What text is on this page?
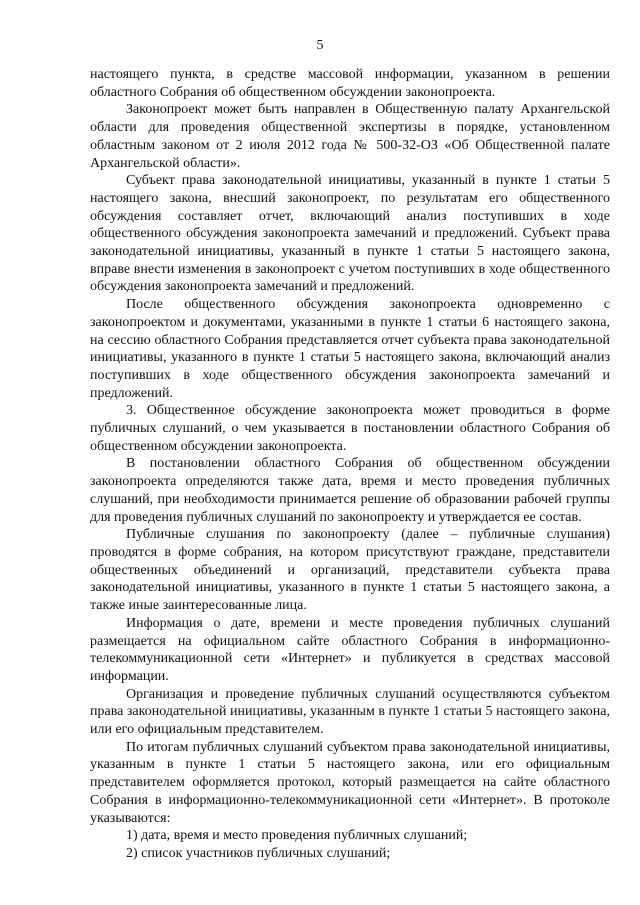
5

настоящего пункта, в средстве массовой информации, указанном в решении областного Собрания об общественном обсуждении законопроекта.

Законопроект может быть направлен в Общественную палату Архангельской области для проведения общественной экспертизы в порядке, установленном областным законом от 2 июля 2012 года № 500-32-ОЗ «Об Общественной палате Архангельской области».

Субъект права законодательной инициативы, указанный в пункте 1 статьи 5 настоящего закона, внесший законопроект, по результатам его общественного обсуждения составляет отчет, включающий анализ поступивших в ходе общественного обсуждения законопроекта замечаний и предложений. Субъект права законодательной инициативы, указанный в пункте 1 статьи 5 настоящего закона, вправе внести изменения в законопроект с учетом поступивших в ходе общественного обсуждения законопроекта замечаний и предложений.

После общественного обсуждения законопроекта одновременно с законопроектом и документами, указанными в пункте 1 статьи 6 настоящего закона, на сессию областного Собрания представляется отчет субъекта права законодательной инициативы, указанного в пункте 1 статьи 5 настоящего закона, включающий анализ поступивших в ходе общественного обсуждения законопроекта замечаний и предложений.

3. Общественное обсуждение законопроекта может проводиться в форме публичных слушаний, о чем указывается в постановлении областного Собрания об общественном обсуждении законопроекта.

В постановлении областного Собрания об общественном обсуждении законопроекта определяются также дата, время и место проведения публичных слушаний, при необходимости принимается решение об образовании рабочей группы для проведения публичных слушаний по законопроекту и утверждается ее состав.

Публичные слушания по законопроекту (далее – публичные слушания) проводятся в форме собрания, на котором присутствуют граждане, представители общественных объединений и организаций, представители субъекта права законодательной инициативы, указанного в пункте 1 статьи 5 настоящего закона, а также иные заинтересованные лица.

Информация о дате, времени и месте проведения публичных слушаний размещается на официальном сайте областного Собрания в информационно-телекоммуникационной сети «Интернет» и публикуется в средствах массовой информации.

Организация и проведение публичных слушаний осуществляются субъектом права законодательной инициативы, указанным в пункте 1 статьи 5 настоящего закона, или его официальным представителем.

По итогам публичных слушаний субъектом права законодательной инициативы, указанным в пункте 1 статьи 5 настоящего закона, или его официальным представителем оформляется протокол, который размещается на сайте областного Собрания в информационно-телекоммуникационной сети «Интернет». В протоколе указываются:

1) дата, время и место проведения публичных слушаний;

2) список участников публичных слушаний;
